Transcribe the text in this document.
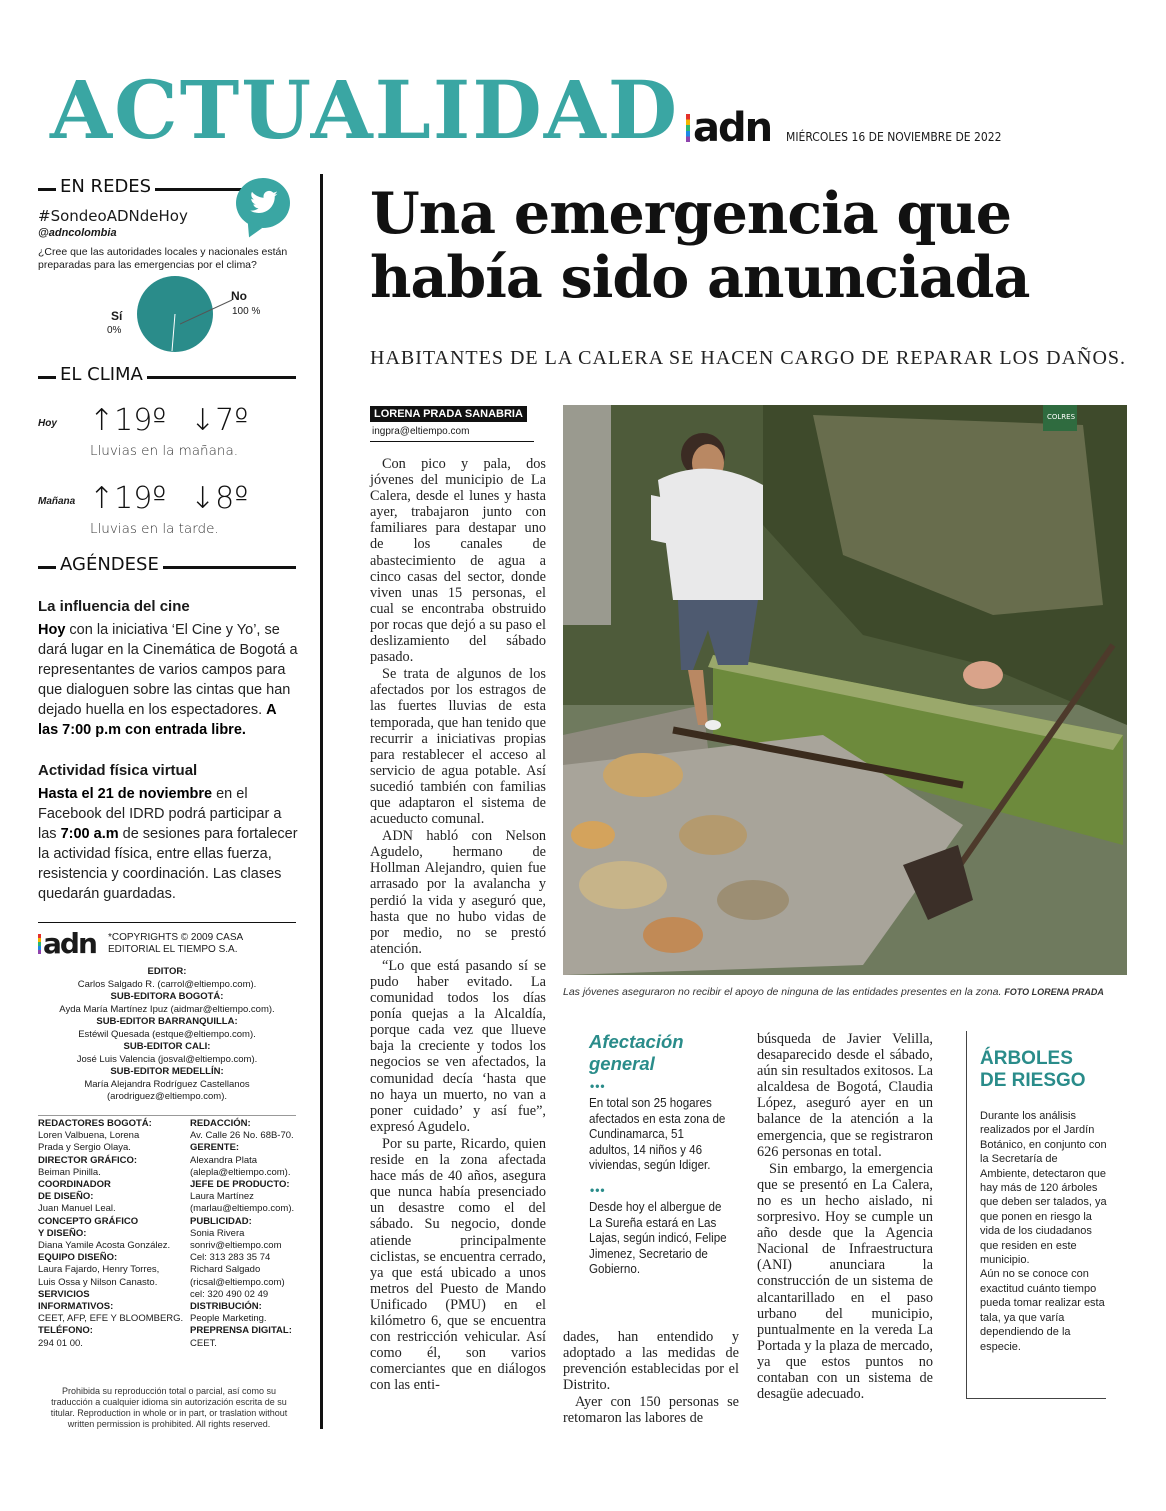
ACTUALIDAD adn MIÉRCOLES 16 DE NOVIEMBRE DE 2022
EN REDES
#SondeoADNdeHoy
@adncolombia
¿Cree que las autoridades locales y nacionales están preparadas para las emergencias por el clima?
Sí
0%
No
100 %
EL CLIMA
Hoy ↑19º ↓7º
Lluvias en la mañana.
Mañana ↑19º ↓8º
Lluvias en la tarde.
AGÉNDESE
La influencia del cine
Hoy con la iniciativa ‘El Cine y Yo’, se dará lugar en la Cinemática de Bogotá a representantes de varios campos para que dialoguen sobre las cintas que han dejado huella en los espectadores. A las 7:00 p.m con entrada libre.
Actividad física virtual
Hasta el 21 de noviembre en el Facebook del IDRD podrá participar a las 7:00 a.m de sesiones para fortalecer la actividad física, entre ellas fuerza, resistencia y coordinación. Las clases quedarán guardadas.
adn *COPYRIGHTS © 2009 CASA EDITORIAL EL TIEMPO S.A.
EDITOR:
Carlos Salgado R. (carrol@eltiempo.com).
SUB-EDITORA BOGOTÁ:
Ayda María Martínez Ipuz (aidmar@eltiempo.com).
SUB-EDITOR BARRANQUILLA:
Estéwil Quesada (estque@eltiempo.com).
SUB-EDITOR CALI:
José Luis Valencia (josval@eltiempo.com).
SUB-EDITOR MEDELLÍN:
María Alejandra Rodríguez Castellanos
(arodriguez@eltiempo.com).
REDACTORES BOGOTÁ:
Loren Valbuena, Lorena
Prada y Sergio Olaya.
DIRECTOR GRÁFICO:
Beiman Pinilla.
COORDINADOR
DE DISEÑO:
Juan Manuel Leal.
CONCEPTO GRÁFICO
Y DISEÑO:
Diana Yamile Acosta González.
EQUIPO DISEÑO:
Laura Fajardo, Henry Torres,
Luis Ossa y Nilson Canasto.
SERVICIOS
INFORMATIVOS:
CEET, AFP, EFE Y BLOOMBERG.
TELÉFONO:
294 01 00.
REDACCIÓN:
Av. Calle 26 No. 68B-70.
GERENTE:
Alexandra Plata
(alepla@eltiempo.com).
JEFE DE PRODUCTO:
Laura Martínez
(marlau@eltiempo.com).
PUBLICIDAD:
Sonia Rivera
sonriv@eltiempo.com
Cel: 313 283 35 74
Richard Salgado
(ricsal@eltiempo.com)
cel: 320 490 02 49
DISTRIBUCIÓN:
People Marketing.
PREPRENSA DIGITAL:
CEET.
Prohibida su reproducción total o parcial, así como su traducción a cualquier idioma sin autorización escrita de su titular. Reproduction in whole or in part, or traslation without written permission is prohibited. All rights reserved.
Una emergencia que había sido anunciada
HABITANTES DE LA CALERA SE HACEN CARGO DE REPARAR LOS DAÑOS.
LORENA PRADA SANABRIA
ingpra@eltiempo.com

Con pico y pala, dos jóvenes del municipio de La Calera, desde el lunes y hasta ayer, trabajaron junto con familiares para destapar uno de los canales de abastecimiento de agua a cinco casas del sector, donde viven unas 15 personas, el cual se encontraba obstruido por rocas que dejó a su paso el deslizamiento del sábado pasado.

Se trata de algunos de los afectados por los estragos de las fuertes lluvias de esta temporada, que han tenido que recurrir a iniciativas propias para restablecer el acceso al servicio de agua potable. Así sucedió también con familias que adaptaron el sistema de acueducto comunal.

ADN habló con Nelson Agudelo, hermano de Hollman Alejandro, quien fue arrasado por la avalancha y perdió la vida y aseguró que, hasta que no hubo vidas de por medio, no se prestó atención.

“Lo que está pasando sí se pudo haber evitado. La comunidad todos los días ponía quejas a la Alcaldía, porque cada vez que llueve baja la creciente y todos los negocios se ven afectados, la comunidad decía ‘hasta que no haya un muerto, no van a poner cuidado’ y así fue”, expresó Agudelo.

Por su parte, Ricardo, quien reside en la zona afectada hace más de 40 años, asegura que nunca había presenciado un desastre como el del sábado. Su negocio, donde atiende principalmente ciclistas, se encuentra cerrado, ya que está ubicado a unos metros del Puesto de Mando Unificado (PMU) en el kilómetro 6, que se encuentra con restricción vehicular. Así como él, son varios comerciantes que en diálogos con las enti-

dades, han entendido y adoptado a las medidas de prevención establecidas por el Distrito.

Ayer con 150 personas se retomaron las labores de

búsqueda de Javier Velilla, desaparecido desde el sábado, aún sin resultados exitosos. La alcaldesa de Bogotá, Claudia López, aseguró ayer en un balance de la atención a la emergencia, que se registraron 626 personas en total.

Sin embargo, la emergencia que se presentó en La Calera, no es un hecho aislado, ni sorpresivo. Hoy se cumple un año desde que la Agencia Nacional de Infraestructura (ANI) anunciara la construcción de un sistema de alcantarillado en el paso urbano del municipio, puntualmente en la vereda La Portada y la plaza de mercado, ya que estos puntos no contaban con un sistema de desagüe adecuado.

COLRES
Las jóvenes aseguraron no recibir el apoyo de ninguna de las entidades presentes en la zona. FOTO LORENA PRADA
Afectación general
•••
En total son 25 hogares afectados en esta zona de Cundinamarca, 51 adultos, 14 niños y 46 viviendas, según Idiger.
•••
Desde hoy el albergue de La Sureña estará en Las Lajas, según indicó, Felipe Jimenez, Secretario de Gobierno.
ÁRBOLES DE RIESGO
Durante los análisis realizados por el Jardín Botánico, en conjunto con la Secretaría de Ambiente, detectaron que hay más de 120 árboles que deben ser talados, ya que ponen en riesgo la vida de los ciudadanos que residen en este municipio.
Aún no se conoce con exactitud cuánto tiempo pueda tomar realizar esta tala, ya que varía dependiendo de la especie.
